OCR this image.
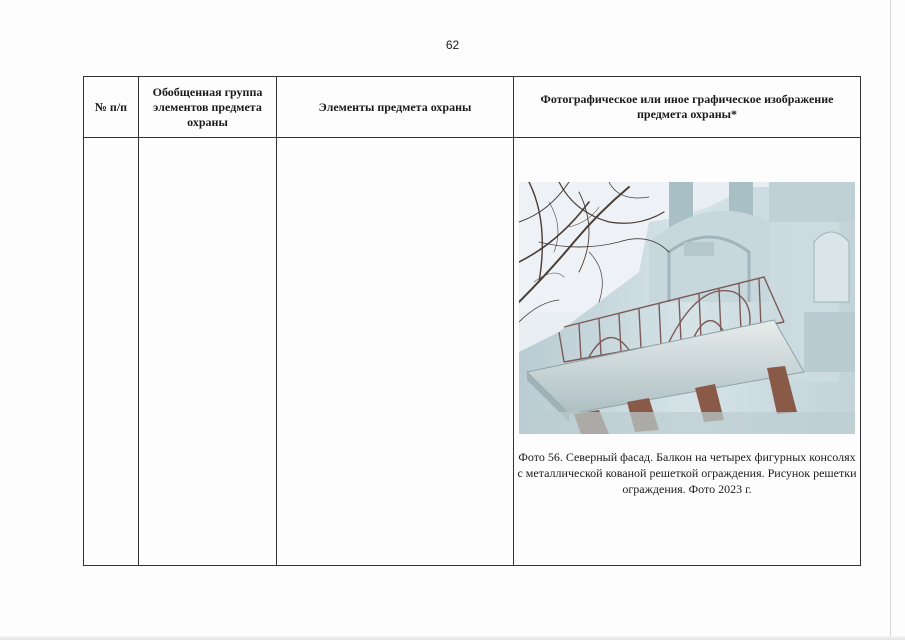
62
№ п/п	Обобщенная группа элементов предмета охраны	Элементы предмета охраны	Фотографическое или иное графическое изображение предмета охраны*

			Фото 56. Северный фасад. Балкон на четырех фигурных консолях с металлической кованой решеткой ограждения. Рисунок решетки ограждения. Фото 2023 г.
